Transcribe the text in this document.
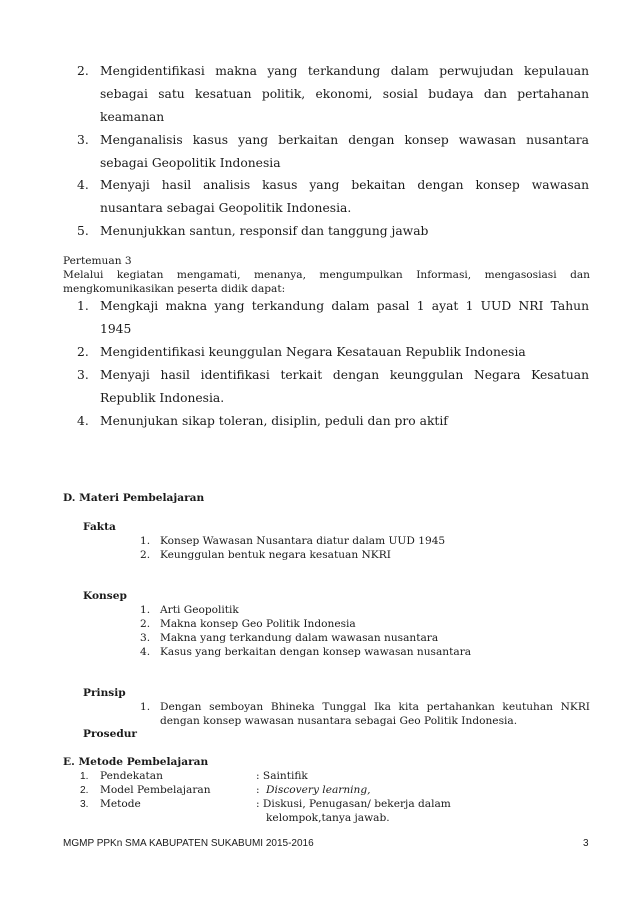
2. Mengidentifikasi makna yang terkandung dalam perwujudan kepulauan
sebagai satu kesatuan politik, ekonomi, sosial budaya dan pertahanan
keamanan
3. Menganalisis kasus yang berkaitan dengan konsep wawasan nusantara
sebagai Geopolitik Indonesia
4. Menyaji hasil analisis kasus yang bekaitan dengan konsep wawasan
nusantara sebagai Geopolitik Indonesia.
5. Menunjukkan santun, responsif dan tanggung jawab
Pertemuan 3
Melalui kegiatan mengamati, menanya, mengumpulkan Informasi, mengasosiasi dan
mengkomunikasikan peserta didik dapat:
1. Mengkaji makna yang terkandung dalam pasal 1 ayat 1 UUD NRI Tahun
1945
2. Mengidentifikasi keunggulan Negara Kesatauan Republik Indonesia
3. Menyaji hasil identifikasi terkait dengan keunggulan Negara Kesatuan
Republik Indonesia.
4. Menunjukan sikap toleran, disiplin, peduli dan pro aktif
D. Materi Pembelajaran
Fakta
1. Konsep Wawasan Nusantara diatur dalam UUD 1945
2. Keunggulan bentuk negara kesatuan NKRI
Konsep
1. Arti Geopolitik
2. Makna konsep Geo Politik Indonesia
3. Makna yang terkandung dalam wawasan nusantara
4. Kasus yang berkaitan dengan konsep wawasan nusantara
Prinsip
1. Dengan semboyan Bhineka Tunggal Ika kita pertahankan keutuhan NKRI
dengan konsep wawasan nusantara sebagai Geo Politik Indonesia.
Prosedur
E. Metode Pembelajaran
1. Pendekatan	: Saintifik
2. Model Pembelajaran	: Discovery learning,
3. Metode	: Diskusi, Penugasan/ bekerja dalam
kelompok,tanya jawab.
MGMP PPKn SMA KABUPATEN SUKABUMI 2015-2016	3
